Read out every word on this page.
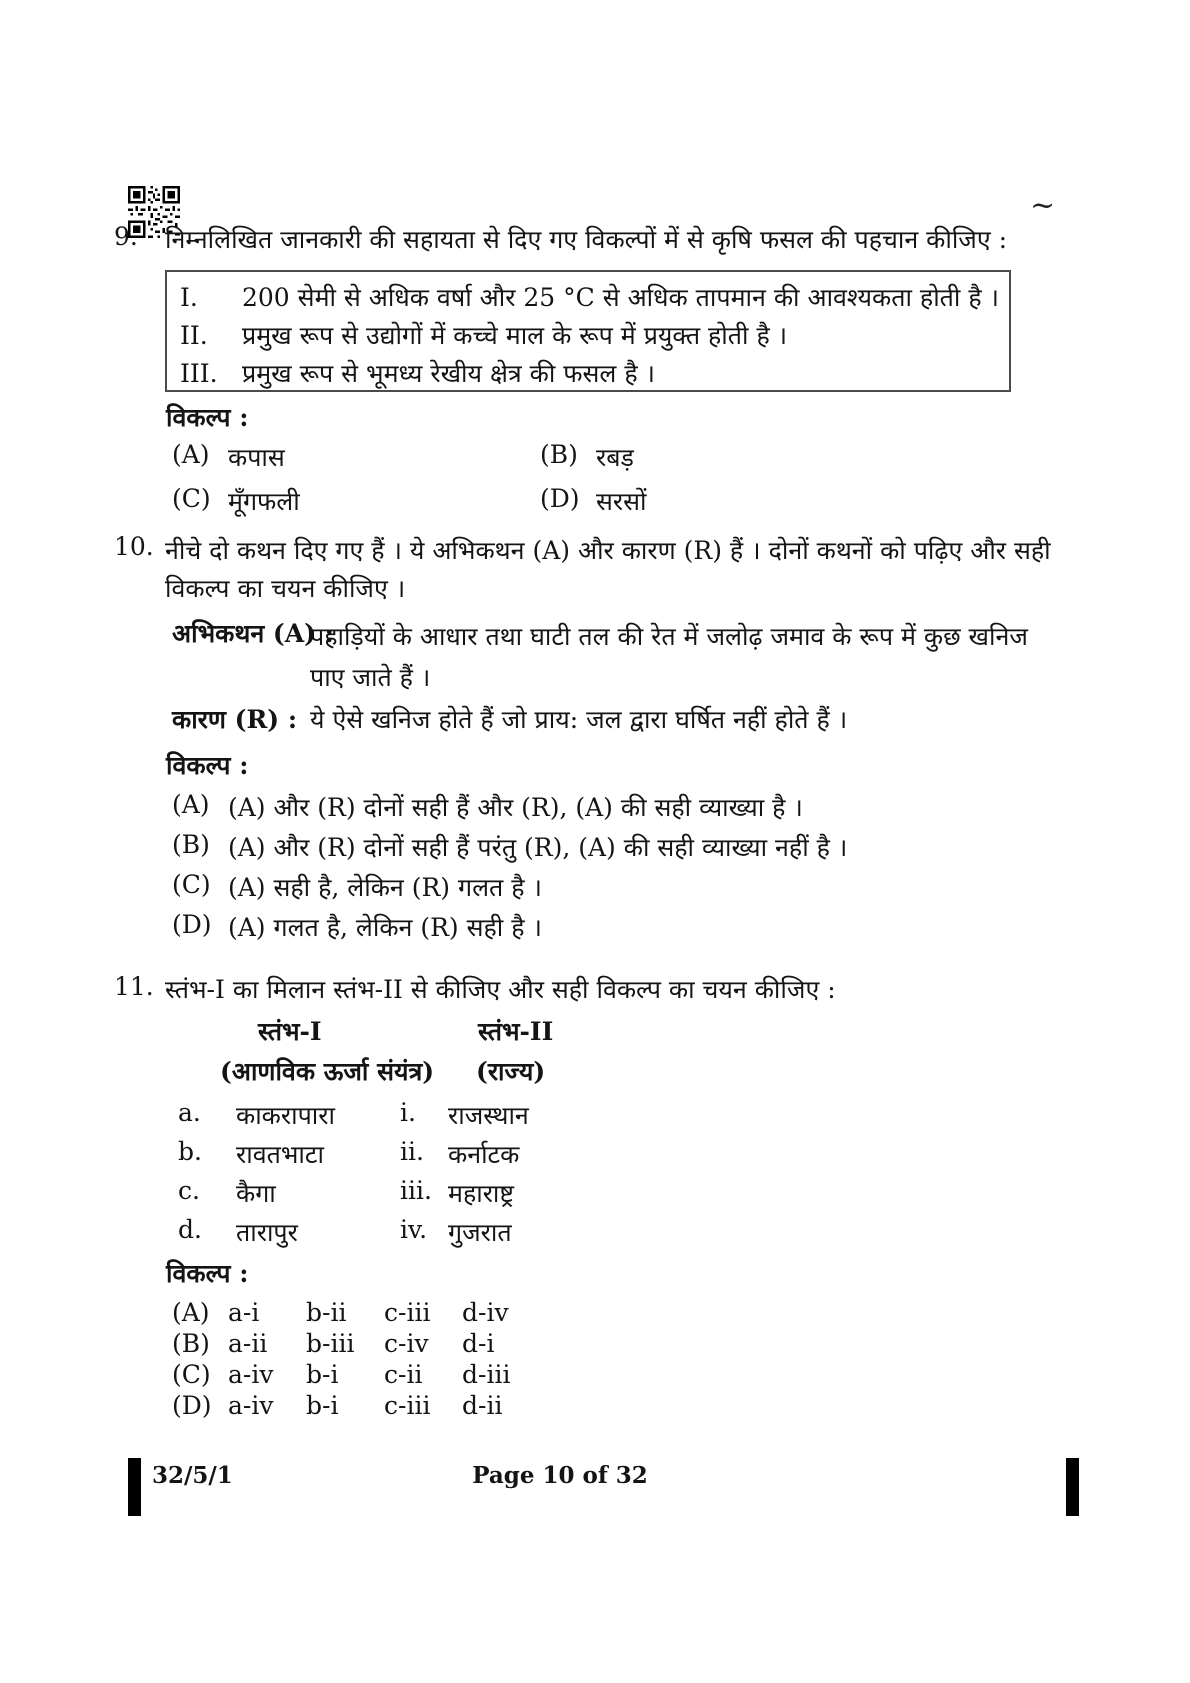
~
9.	निम्नलिखित जानकारी की सहायता से दिए गए विकल्पों में से कृषि फसल की पहचान कीजिए :
I.	200 सेमी से अधिक वर्षा और 25 °C से अधिक तापमान की आवश्यकता होती है ।
II.	प्रमुख रूप से उद्योगों में कच्चे माल के रूप में प्रयुक्त होती है ।
III. प्रमुख रूप से भूमध्य रेखीय क्षेत्र की फसल है ।
विकल्प :
(A) कपास	(B) रबड़
(C) मूँगफली	(D) सरसों
10. नीचे दो कथन दिए गए हैं । ये अभिकथन (A) और कारण (R) हैं । दोनों कथनों को पढ़िए और सही विकल्प का चयन कीजिए ।
अभिकथन (A) :
पहाड़ियों के आधार तथा घाटी तल की रेत में जलोढ़ जमाव के रूप में कुछ खनिज पाए जाते हैं ।
कारण (R) : ये ऐसे खनिज होते हैं जो प्राय: जल द्वारा घर्षित नहीं होते हैं ।
विकल्प :
(A) (A) और (R) दोनों सही हैं और (R), (A) की सही व्याख्या है ।
(B) (A) और (R) दोनों सही हैं परंतु (R), (A) की सही व्याख्या नहीं है ।
(C) (A) सही है, लेकिन (R) गलत है ।
(D) (A) गलत है, लेकिन (R) सही है ।
11. स्तंभ-I का मिलान स्तंभ-II से कीजिए और सही विकल्प का चयन कीजिए :
स्तंभ-I	स्तंभ-II
(आणविक ऊर्जा संयंत्र) (राज्य)
a.	काकरापारा	i.	राजस्थान
b.	रावतभाटा	ii. कर्नाटक
c.	कैगा	iii. महाराष्ट्र
d.	तारापुर	iv. गुजरात
विकल्प :
(A) a-i	b-ii	c-iii	d-iv
(B) a-ii	b-iii	c-iv	d-i
(C) a-iv	b-i	c-ii	d-iii
(D) a-iv	b-i	c-iii	d-ii
32/5/1	Page 10 of 32
